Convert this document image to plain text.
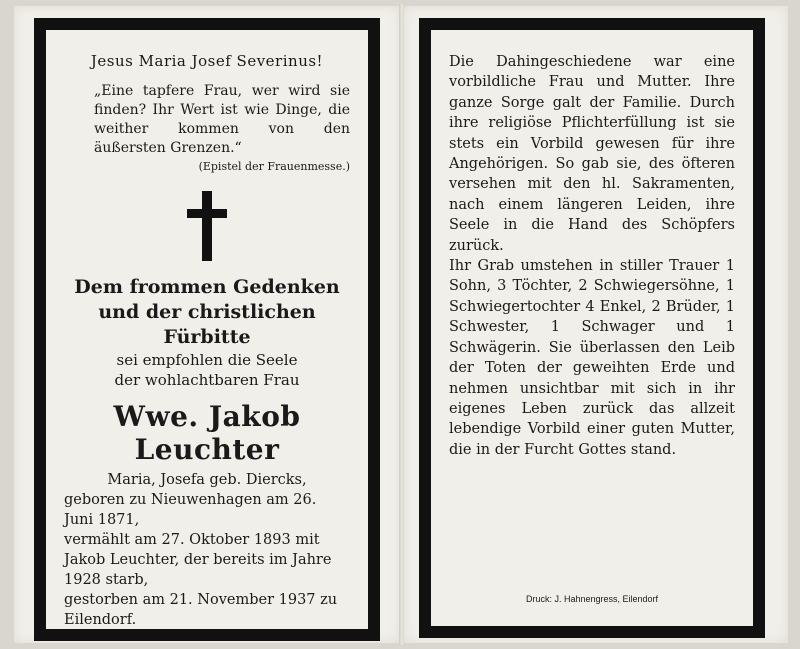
Jesus Maria Josef Severinus!
„Eine tapfere Frau, wer wird sie finden? Ihr Wert ist wie Dinge, die weither kommen von den äußersten Grenzen.“
(Epistel der Frauenmesse.)
Dem frommen Gedenken
und der christlichen Fürbitte
sei empfohlen die Seele
der wohlachtbaren Frau
Wwe. Jakob Leuchter
Maria, Josefa geb. Diercks,
geboren zu Nieuwenhagen am 26. Juni 1871,
vermählt am 27. Oktober 1893 mit Jakob Leuchter, der bereits im Jahre 1928 starb,
gestorben am 21. November 1937 zu Eilendorf.

Die Dahingeschiedene war eine vorbildliche Frau und Mutter. Ihre ganze Sorge galt der Familie. Durch ihre religiöse Pflichterfüllung ist sie stets ein Vorbild gewesen für ihre Angehörigen. So gab sie, des öfteren versehen mit den hl. Sakramenten, nach einem längeren Leiden, ihre Seele in die Hand des Schöpfers zurück.

Ihr Grab umstehen in stiller Trauer 1 Sohn, 3 Töchter, 2 Schwiegersöhne, 1 Schwiegertochter 4 Enkel, 2 Brüder, 1 Schwester, 1 Schwager und 1 Schwägerin. Sie überlassen den Leib der Toten der geweihten Erde und nehmen unsichtbar mit sich in ihr eigenes Leben zurück das allzeit lebendige Vorbild einer guten Mutter, die in der Furcht Gottes stand.

Druck: J. Hahnengress, Eilendorf
